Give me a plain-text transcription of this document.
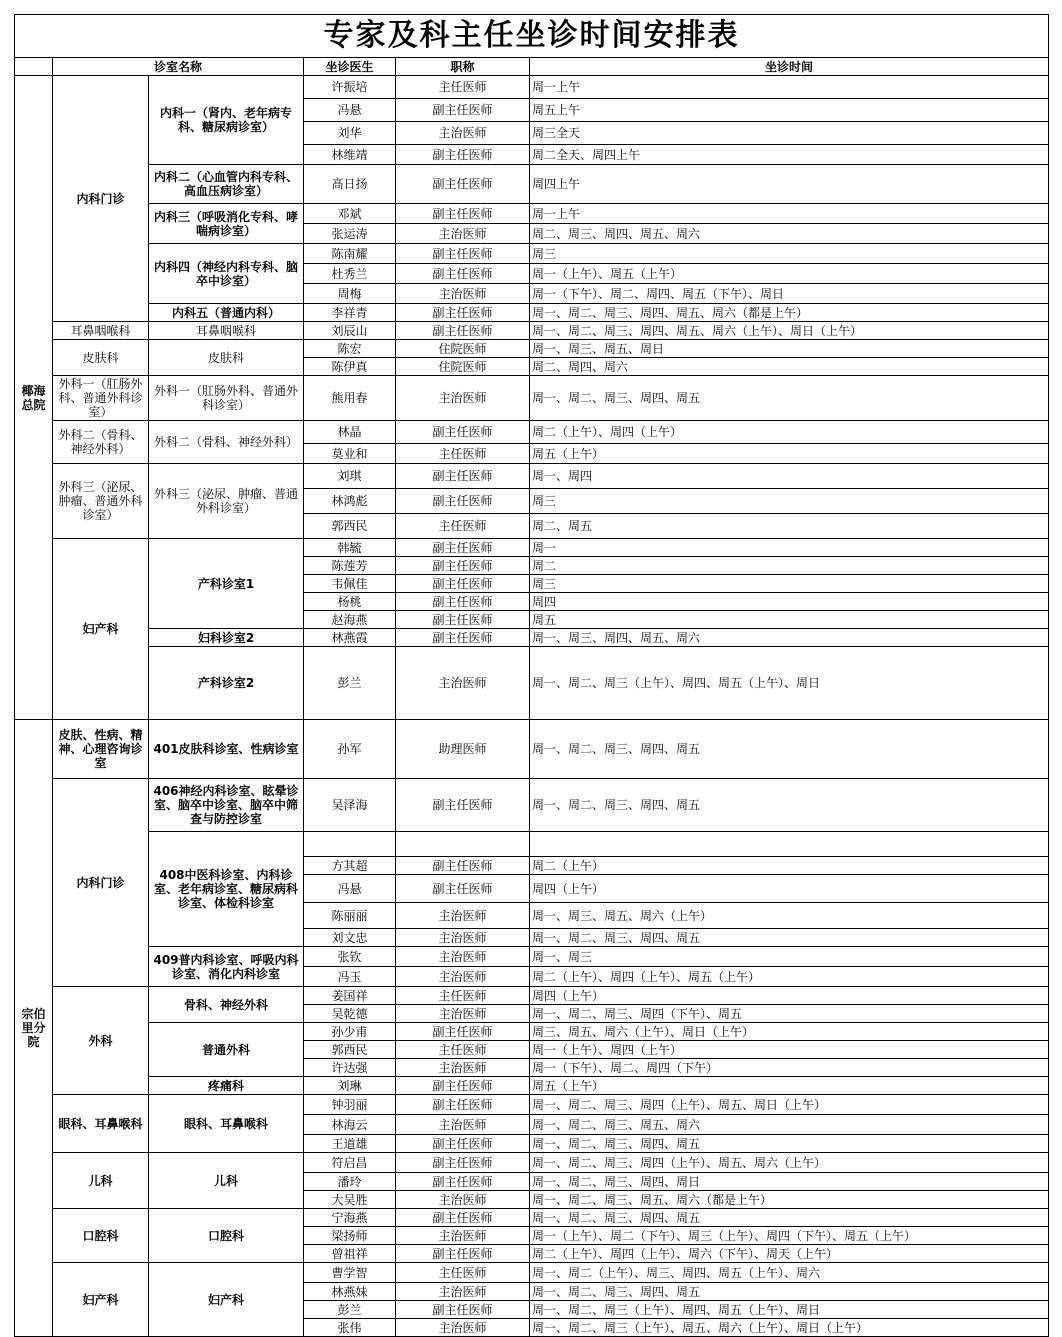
专家及科主任坐诊时间安排表					
	诊室名称		坐诊医生	职称	坐诊时间
椰海总院	内科门诊	内科一（肾内、老年病专科、糖尿病诊室）	许振培	主任医师	周一上午
			冯悬	副主任医师	周五上午
			刘华	主治医师	周三全天
			林维靖	副主任医师	周二全天、周四上午
		内科二（心血管内科专科、高血压病诊室）	高日扬	副主任医师	周四上午
		内科三（呼吸消化专科、哮喘病诊室）	邓斌	副主任医师	周一上午
			张运涛	主治医师	周二、周三、周四、周五、周六
		内科四（神经内科专科、脑卒中诊室）	陈南耀	副主任医师	周三
			杜秀兰	副主任医师	周一（上午）、周五（上午）
			周梅	主治医师	周一（下午）、周二、周四、周五（下午）、周日
		内科五（普通内科）	李祥青	副主任医师	周一、周二、周三、周四、周五、周六（都是上午）
	耳鼻咽喉科	耳鼻咽喉科	刘辰山	副主任医师	周一、周二、周三、周四、周五、周六（上午）、周日（上午）
	皮肤科	皮肤科	陈宏	住院医师	周一、周三、周五、周日
			陈伊真	住院医师	周二、周四、周六
	外科一（肛肠外科、普通外科诊室）	外科一（肛肠外科、普通外科诊室）	熊用春	主治医师	周一、周二、周三、周四、周五
	外科二（骨科、神经外科）	外科二（骨科、神经外科）	林晶	副主任医师	周二（上午）、周四（上午）
			莫业和	主任医师	周五（上午）
	外科三（泌尿、肿瘤、普通外科诊室）	外科三（泌尿、肿瘤、普通外科诊室）	刘琪	副主任医师	周一、周四
			林鸿彪	副主任医师	周三
			郭西民	主任医师	周二、周五
	妇产科	产科诊室1	韩毓	副主任医师	周一
			陈莲芳	副主任医师	周二
			韦佩佳	副主任医师	周三
			杨桃	副主任医师	周四
			赵海燕	副主任医师	周五
		妇科诊室2	林燕霞	副主任医师	周一、周三、周四、周五、周六
		产科诊室2	彭兰	主治医师	周一、周二、周三（上午）、周四、周五（上午）、周日
宗伯里分院	皮肤、性病、精神、心理咨询诊室	401皮肤科诊室、性病诊室	孙军	助理医师	周一、周二、周三、周四、周五
	内科门诊	406神经内科诊室、眩晕诊室、脑卒中诊室、脑卒中筛查与防控诊室	吴泽海	副主任医师	周一、周二、周三、周四、周五
		408中医科诊室、内科诊室、老年病诊室、糖尿病科诊室、体检科诊室			
			方其超	副主任医师	周二（上午）
			冯悬	副主任医师	周四（上午）
			陈丽丽	主治医师	周一、周三、周五、周六（上午）
			刘文忠	主治医师	周一、周二、周三、周四、周五
		409普内科诊室、呼吸内科诊室、消化内科诊室	张钦	主治医师	周一、周三
			冯玉	主治医师	周二（上午）、周四（上午）、周五（上午）
	外科	骨科、神经外科	姜国祥	主任医师	周四（上午）
			吴乾德	主治医师	周一、周二、周三、周四（下午）、周五
		普通外科	孙少甫	副主任医师	周三、周五、周六（上午）、周日（上午）
			郭西民	主任医师	周一（上午）、周四（上午）
			许达强	主治医师	周一（下午）、周二、周四（下午）
		疼痛科	刘琳	副主任医师	周五（上午）
	眼科、耳鼻喉科	眼科、耳鼻喉科	钟羽丽	副主任医师	周一、周二、周三、周四（上午）、周五、周日（上午）
			林海云	主治医师	周一、周二、周三、周五、周六
			王道雄	副主任医师	周一、周二、周三、周四、周五
	儿科	儿科	符启昌	副主任医师	周一、周二、周三、周四（上午）、周五、周六（上午）
			潘玲	副主任医师	周一、周二、周三、周四、周日
			大吴胜	主治医师	周一、周二、周三、周五、周六（都是上午）
	口腔科	口腔科	宁海燕	副主任医师	周一、周二、周三、周四、周五
			梁扬师	主治医师	周一（上午）、周二（下午）、周三（上午）、周四（下午）、周五（上午）
			曾祖祥	副主任医师	周二（上午）、周四（上午）、周六（下午）、周天（上午）
	妇产科	妇产科	曹学智	主任医师	周一、周二（上午）、周三、周四、周五（上午）、周六
			林燕妹	主治医师	周一、周二、周三、周四、周五
			彭兰	副主任医师	周一、周二、周三（上午）、周四、周五（上午）、周日
			张伟	主治医师	周一、周二、周三（上午）、周五、周六（上午）、周日（上午）
